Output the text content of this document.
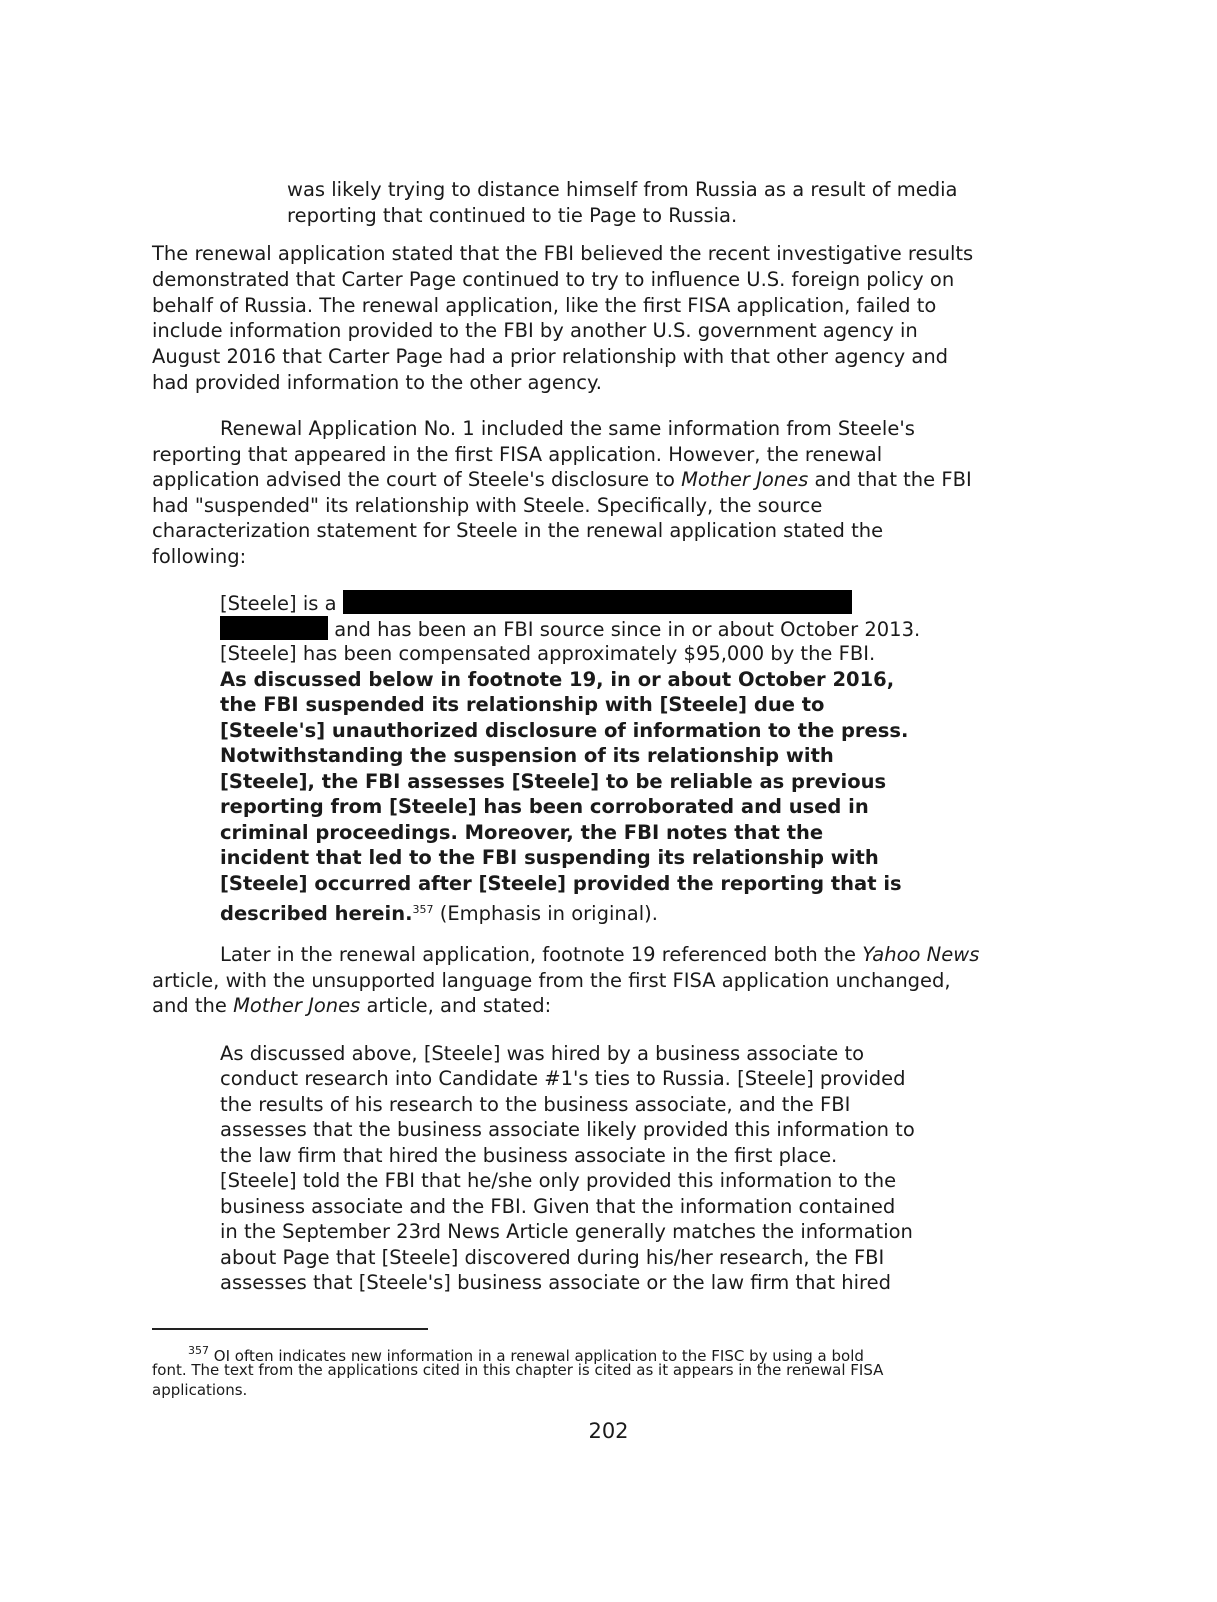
was likely trying to distance himself from Russia as a result of media
reporting that continued to tie Page to Russia.
The renewal application stated that the FBI believed the recent investigative results
demonstrated that Carter Page continued to try to influence U.S. foreign policy on
behalf of Russia. The renewal application, like the first FISA application, failed to
include information provided to the FBI by another U.S. government agency in
August 2016 that Carter Page had a prior relationship with that other agency and
had provided information to the other agency.
Renewal Application No. 1 included the same information from Steele's
reporting that appeared in the first FISA application. However, the renewal
application advised the court of Steele's disclosure to Mother Jones and that the FBI
had "suspended" its relationship with Steele. Specifically, the source
characterization statement for Steele in the renewal application stated the
following:
[Steele] is a
and has been an FBI source since in or about October 2013.
[Steele] has been compensated approximately $95,000 by the FBI.
As discussed below in footnote 19, in or about October 2016,
the FBI suspended its relationship with [Steele] due to
[Steele's] unauthorized disclosure of information to the press.
Notwithstanding the suspension of its relationship with
[Steele], the FBI assesses [Steele] to be reliable as previous
reporting from [Steele] has been corroborated and used in
criminal proceedings. Moreover, the FBI notes that the
incident that led to the FBI suspending its relationship with
[Steele] occurred after [Steele] provided the reporting that is
described herein.$^{357}$ (Emphasis in original).
Later in the renewal application, footnote 19 referenced both the Yahoo News
article, with the unsupported language from the first FISA application unchanged,
and the Mother Jones article, and stated:
As discussed above, [Steele] was hired by a business associate to
conduct research into Candidate #1's ties to Russia. [Steele] provided
the results of his research to the business associate, and the FBI
assesses that the business associate likely provided this information to
the law firm that hired the business associate in the first place.
[Steele] told the FBI that he/she only provided this information to the
business associate and the FBI. Given that the information contained
in the September 23rd News Article generally matches the information
about Page that [Steele] discovered during his/her research, the FBI
assesses that [Steele's] business associate or the law firm that hired
$^{357}$ OI often indicates new information in a renewal application to the FISC by using a bold
font. The text from the applications cited in this chapter is cited as it appears in the renewal FISA
applications.
202
